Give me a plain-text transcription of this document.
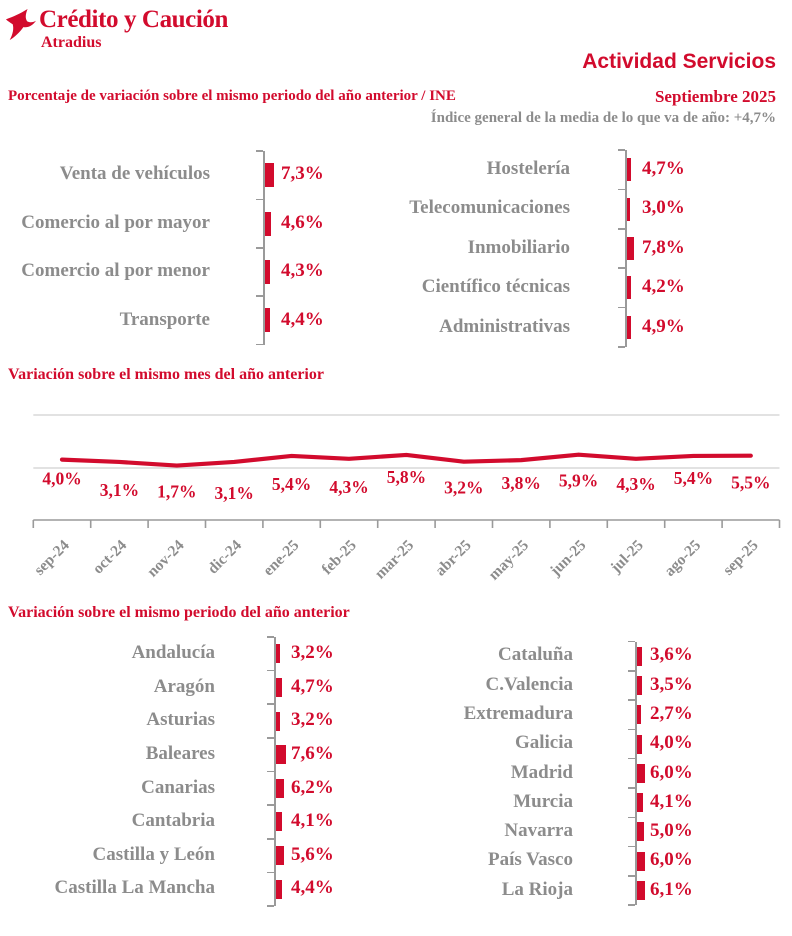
Crédito y Caución
Atradius
Actividad Servicios
Porcentaje de variación sobre el mismo periodo del año anterior / INE	Septiembre 2025
Índice general de la media de lo que va de año: +4,7%
Venta de vehículos	7,3%
Comercio al por mayor	4,6%
Comercio al por menor	4,3%
Transporte	4,4%
Hostelería	4,7%
Telecomunicaciones	3,0%
Inmobiliario	7,8%
Científico técnicas	4,2%
Administrativas	4,9%
Variación sobre el mismo mes del año anterior
4,0%
3,1% 1,7% 3,1% 5,4% 4,3% 5,8%
3,2% 3,8% 5,9% 4,3% 5,4% 5,5%
sep-24 oct-24 nov-24 dic-24 ene-25 feb-25 mar-25 abr-25 may-25 jun-25 jul-25 ago-25 sep-25
Variación sobre el mismo periodo del año anterior
Andalucía	3,2%
Aragón	4,7%
Asturias	3,2%
Baleares	7,6%
Canarias	6,2%
Cantabria	4,1%
Castilla y León	5,6%
Castilla La Mancha	4,4%
Cataluña	3,6%
C.Valencia	3,5%
Extremadura	2,7%
Galicia	4,0%
Madrid	6,0%
Murcia	4,1%
Navarra	5,0%
País Vasco	6,0%
La Rioja	6,1%
